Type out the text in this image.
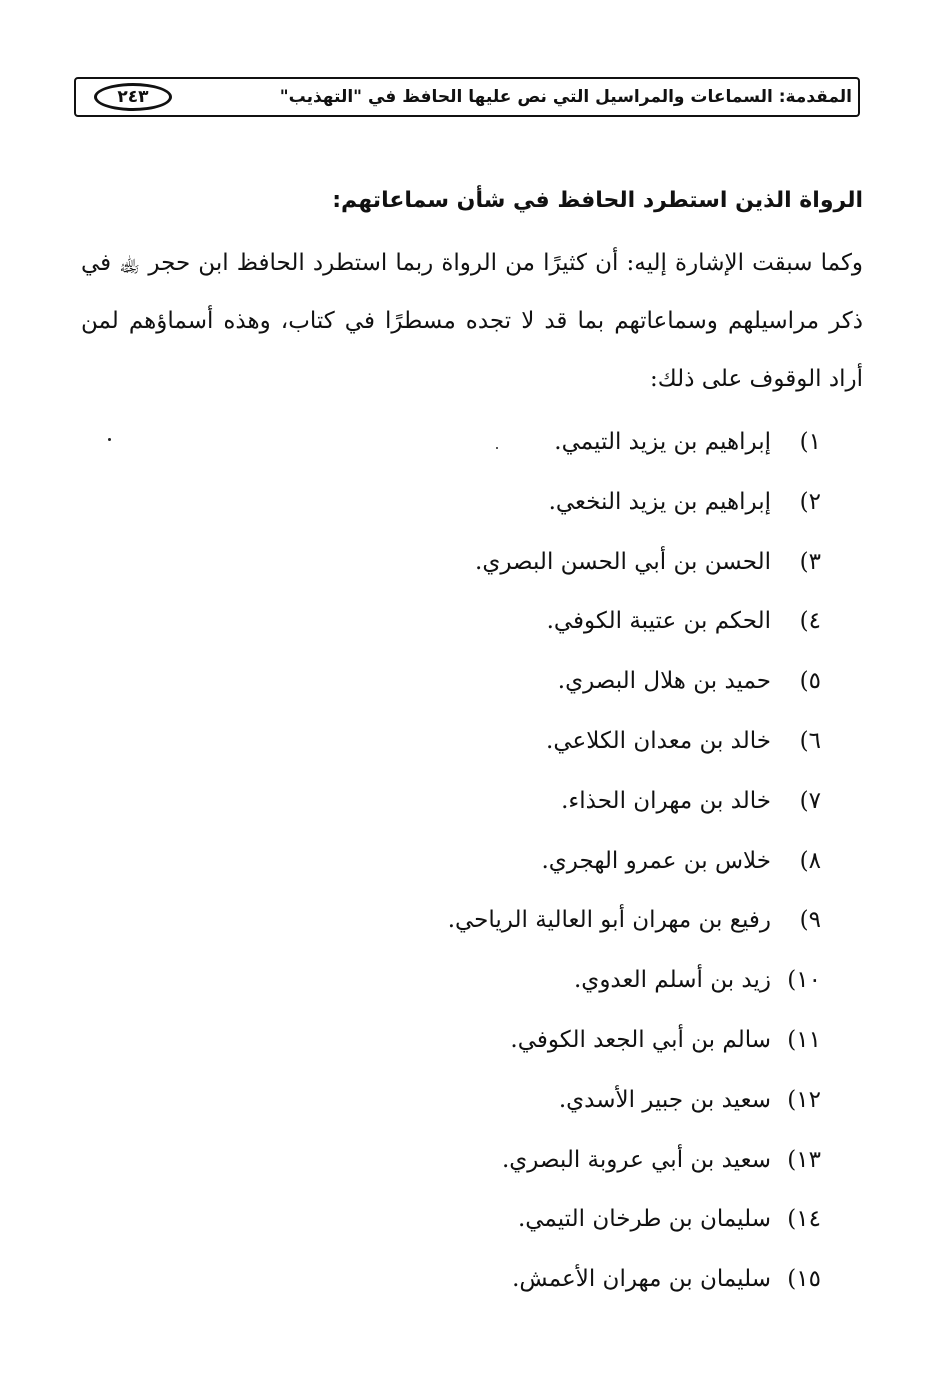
المقدمة: السماعات والمراسيل التي نص عليها الحافظ في "التهذيب"
٢٤٣
الرواة الذين استطرد الحافظ في شأن سماعاتهم:

وكما سبقت الإشارة إليه: أن كثيرًا من الرواة ربما استطرد الحافظ ابن حجر ﵀ في ذكر مراسيلهم وسماعاتهم بما قد لا تجده مسطرًا في كتاب، وهذه أسماؤهم لمن أراد الوقوف على ذلك:

١)
إبراهيم بن يزيد التيمي.
٢)
إبراهيم بن يزيد النخعي.
٣)
الحسن بن أبي الحسن البصري.
٤)
الحكم بن عتيبة الكوفي.
٥)
حميد بن هلال البصري.
٦)
خالد بن معدان الكلاعي.
٧)
خالد بن مهران الحذاء.
٨)
خلاس بن عمرو الهجري.
٩)
رفيع بن مهران أبو العالية الرياحي.
١٠)
زيد بن أسلم العدوي.
١١)
سالم بن أبي الجعد الكوفي.
١٢)
سعيد بن جبير الأسدي.
١٣)
سعيد بن أبي عروبة البصري.
١٤)
سليمان بن طرخان التيمي.
١٥)
سليمان بن مهران الأعمش.
